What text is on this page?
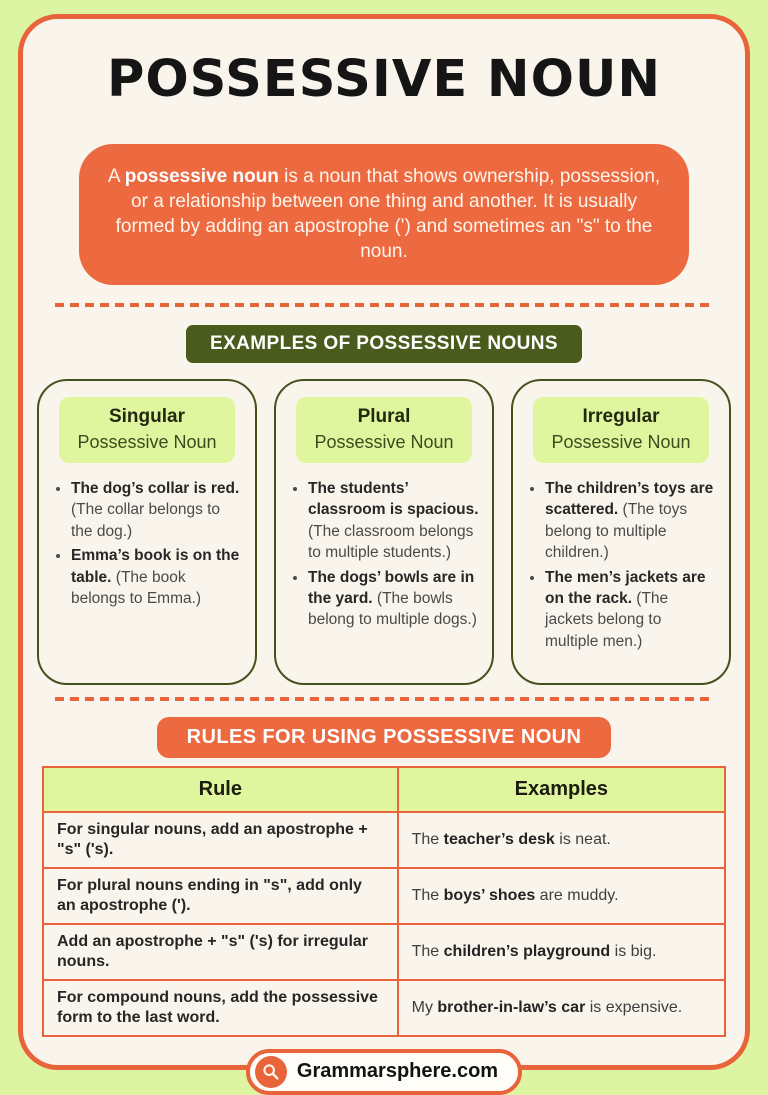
POSSESSIVE NOUN
A possessive noun is a noun that shows ownership, possession, or a relationship between one thing and another. It is usually formed by adding an apostrophe (') and sometimes an "s" to the noun.
EXAMPLES OF POSSESSIVE NOUNS
Singular
Possessive Noun
• The dog’s collar is red. (The collar belongs to the dog.)
• Emma’s book is on the table. (The book belongs to Emma.)
Plural
Possessive Noun
• The students’ classroom is spacious. (The classroom belongs to multiple students.)
• The dogs’ bowls are in the yard. (The bowls belong to multiple dogs.)
Irregular
Possessive Noun
• The children’s toys are scattered. (The toys belong to multiple children.)
• The men’s jackets are on the rack. (The jackets belong to multiple men.)
RULES FOR USING POSSESSIVE NOUN
Rule	Examples
For singular nouns, add an apostrophe + "s" ('s).	The teacher’s desk is neat.
For plural nouns ending in "s", add only an apostrophe (').	The boys’ shoes are muddy.
Add an apostrophe + "s" ('s) for irregular nouns.	The children’s playground is big.
For compound nouns, add the possessive form to the last word.	My brother-in-law’s car is expensive.
Grammarsphere.com
